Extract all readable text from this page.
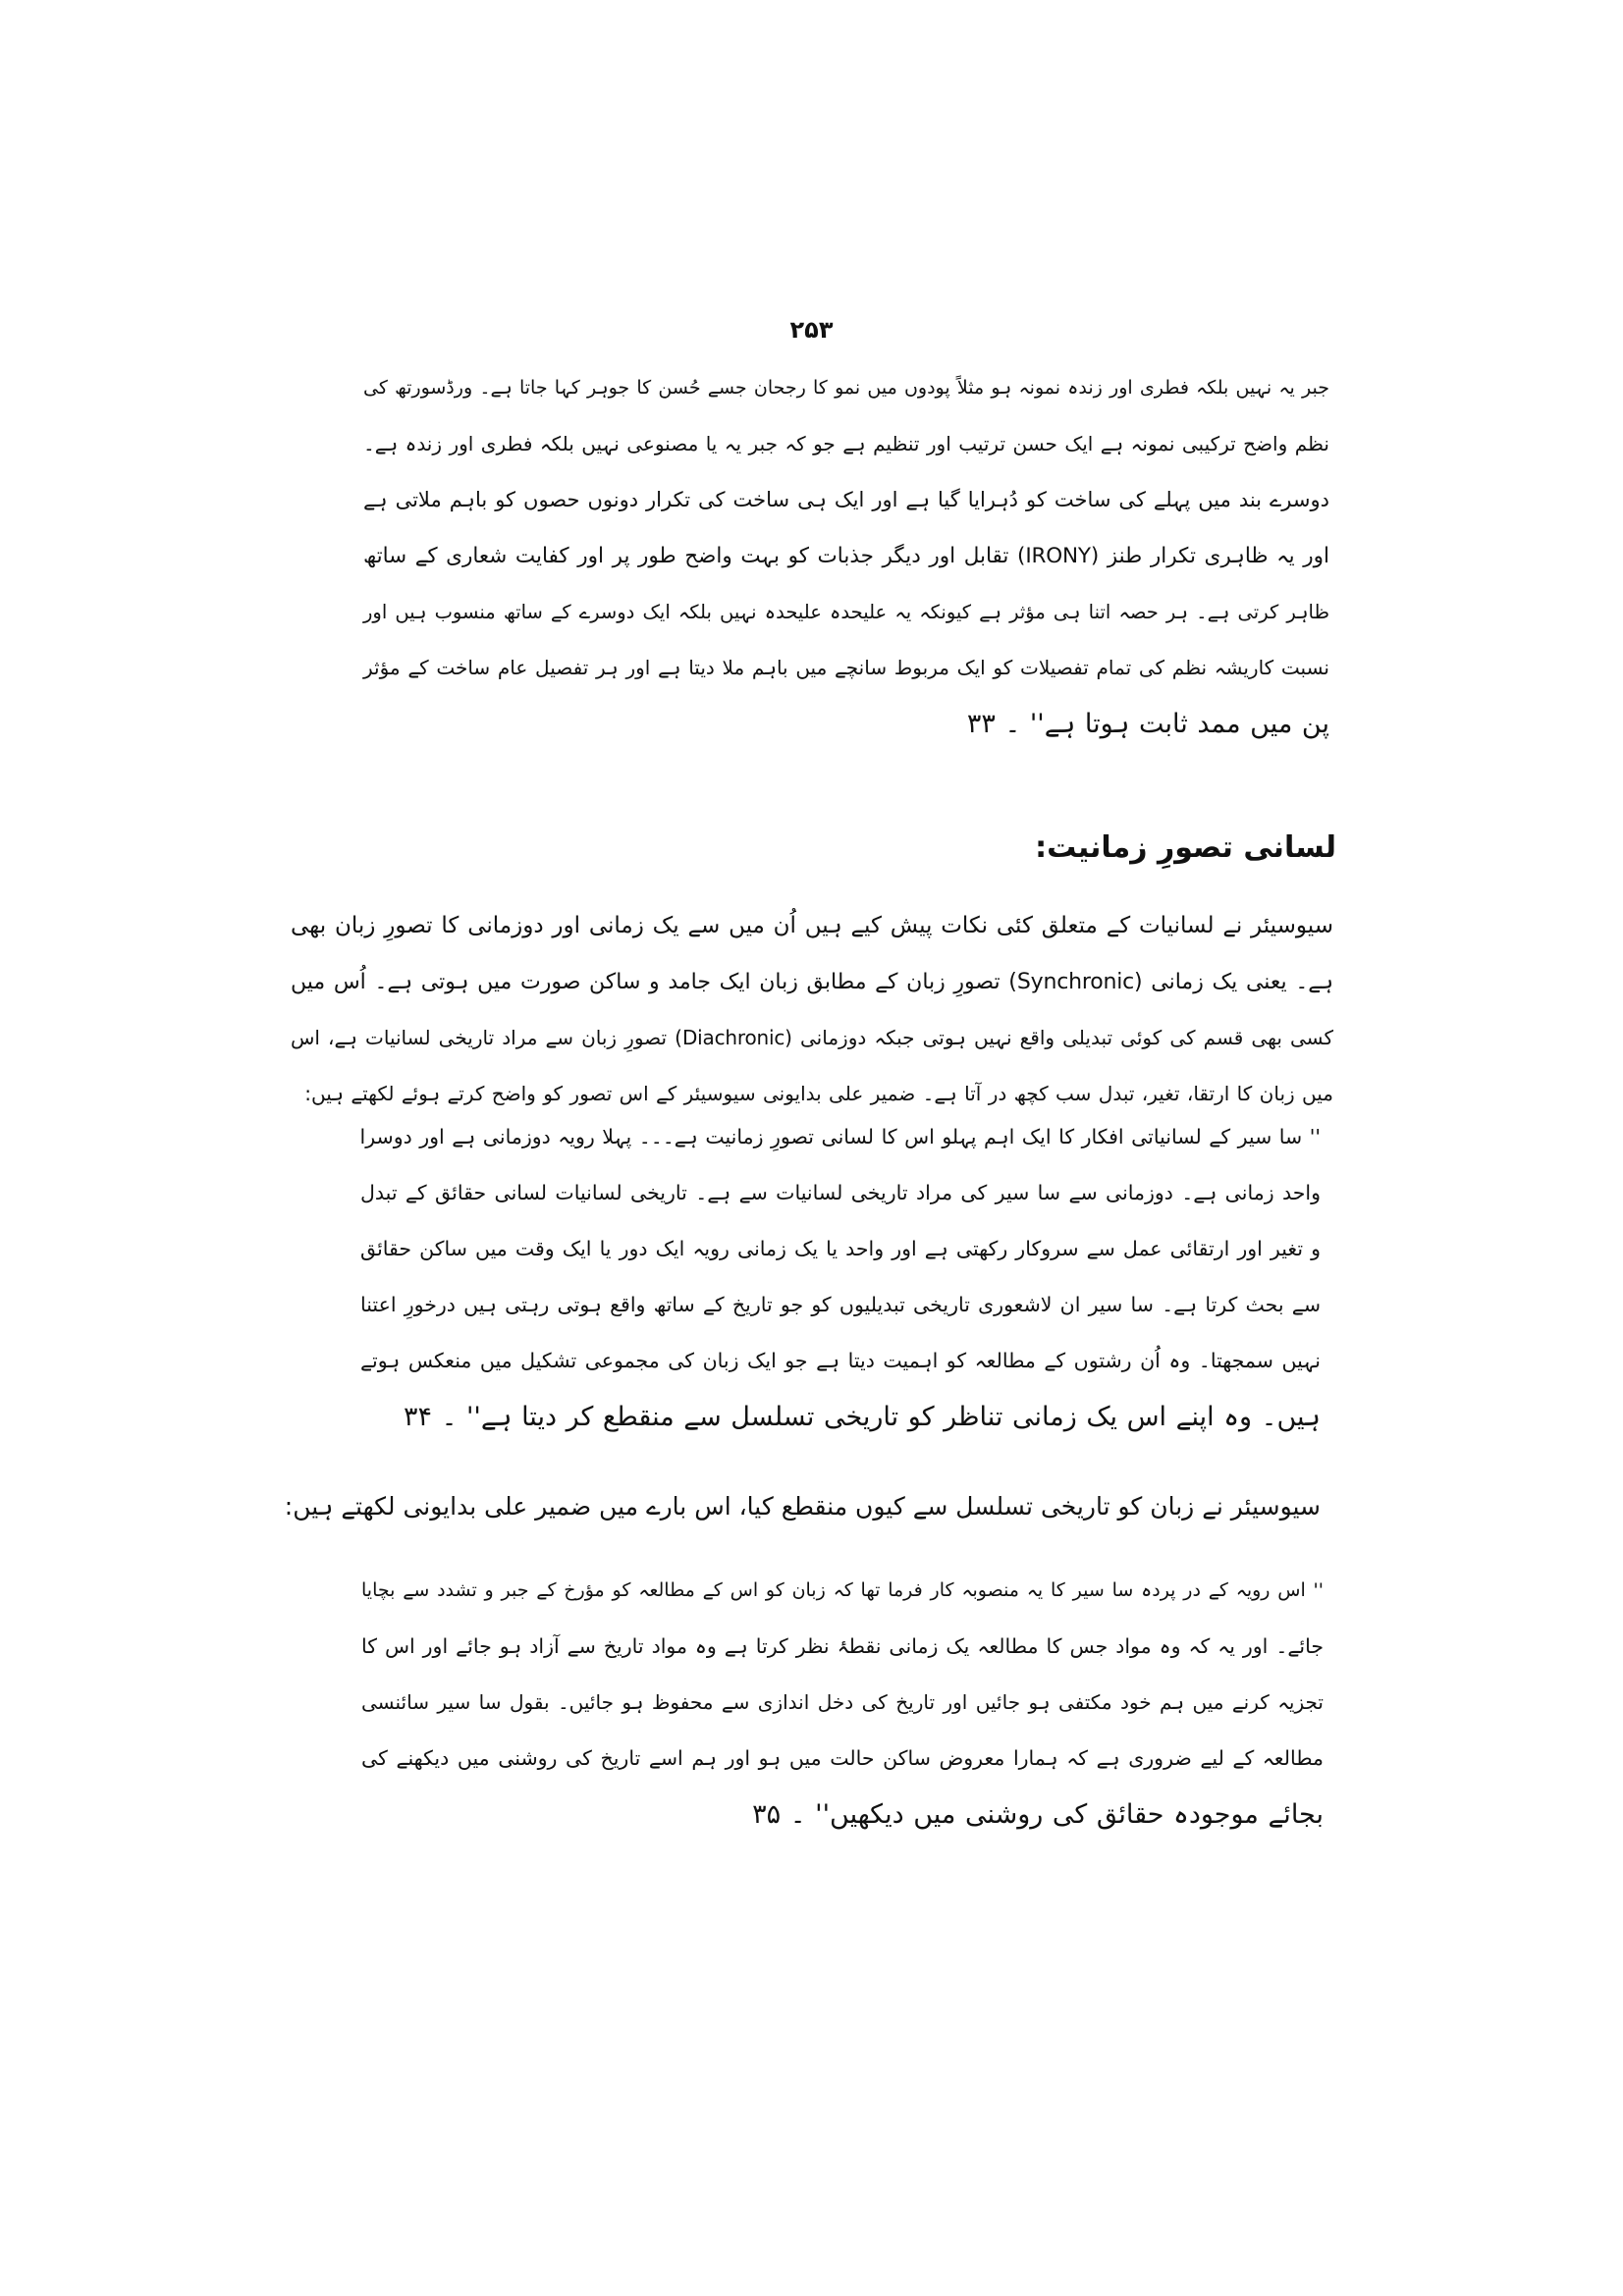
۲۵۳
جبر یہ نہیں بلکہ فطری اور زندہ نمونہ ہو مثلاً پودوں میں نمو کا رجحان جسے حُسن کا جوہر کہا جاتا ہے۔ ورڈسورتھ کی
نظم واضح ترکیبی نمونہ ہے ایک حسن ترتیب اور تنظیم ہے جو کہ جبر یہ یا مصنوعی نہیں بلکہ فطری اور زندہ ہے۔
دوسرے بند میں پہلے کی ساخت کو دُہرایا گیا ہے اور ایک ہی ساخت کی تکرار دونوں حصوں کو باہم ملاتی ہے
اور یہ ظاہری تکرار طنز (IRONY) تقابل اور دیگر جذبات کو بہت واضح طور پر اور کفایت شعاری کے ساتھ
ظاہر کرتی ہے۔ ہر حصہ اتنا ہی مؤثر ہے کیونکہ یہ علیحدہ علیحدہ نہیں بلکہ ایک دوسرے کے ساتھ منسوب ہیں اور
نسبت کاریشہ نظم کی تمام تفصیلات کو ایک مربوط سانچے میں باہم ملا دیتا ہے اور ہر تفصیل عام ساخت کے مؤثر
پن میں ممد ثابت ہوتا ہے'' ۔ ۳۳
لسانی تصورِ زمانیت:
سیوسیئر نے لسانیات کے متعلق کئی نکات پیش کیے ہیں اُن میں سے یک زمانی اور دوزمانی کا تصورِ زبان بھی
ہے۔ یعنی یک زمانی (Synchronic) تصورِ زبان کے مطابق زبان ایک جامد و ساکن صورت میں ہوتی ہے۔ اُس میں
کسی بھی قسم کی کوئی تبدیلی واقع نہیں ہوتی جبکہ دوزمانی (Diachronic) تصورِ زبان سے مراد تاریخی لسانیات ہے، اس
میں زبان کا ارتقا، تغیر، تبدل سب کچھ در آتا ہے۔ ضمیر علی بدایونی سیوسیئر کے اس تصور کو واضح کرتے ہوئے لکھتے ہیں:
'' سا سیر کے لسانیاتی افکار کا ایک اہم پہلو اس کا لسانی تصورِ زمانیت ہے۔۔۔ پہلا رویہ دوزمانی ہے اور دوسرا
واحد زمانی ہے۔ دوزمانی سے سا سیر کی مراد تاریخی لسانیات سے ہے۔ تاریخی لسانیات لسانی حقائق کے تبدل
و تغیر اور ارتقائی عمل سے سروکار رکھتی ہے اور واحد یا یک زمانی رویہ ایک دور یا ایک وقت میں ساکن حقائق
سے بحث کرتا ہے۔ سا سیر ان لاشعوری تاریخی تبدیلیوں کو جو تاریخ کے ساتھ واقع ہوتی رہتی ہیں درخورِ اعتنا
نہیں سمجھتا۔ وہ اُن رشتوں کے مطالعہ کو اہمیت دیتا ہے جو ایک زبان کی مجموعی تشکیل میں منعکس ہوتے
ہیں۔ وہ اپنے اس یک زمانی تناظر کو تاریخی تسلسل سے منقطع کر دیتا ہے'' ۔ ۳۴
سیوسیئر نے زبان کو تاریخی تسلسل سے کیوں منقطع کیا، اس بارے میں ضمیر علی بدایونی لکھتے ہیں:
'' اس رویہ کے در پردہ سا سیر کا یہ منصوبہ کار فرما تھا کہ زبان کو اس کے مطالعہ کو مؤرخ کے جبر و تشدد سے بچایا
جائے۔ اور یہ کہ وہ مواد جس کا مطالعہ یک زمانی نقطۂ نظر کرتا ہے وہ مواد تاریخ سے آزاد ہو جائے اور اس کا
تجزیہ کرنے میں ہم خود مکتفی ہو جائیں اور تاریخ کی دخل اندازی سے محفوظ ہو جائیں۔ بقول سا سیر سائنسی
مطالعہ کے لیے ضروری ہے کہ ہمارا معروض ساکن حالت میں ہو اور ہم اسے تاریخ کی روشنی میں دیکھنے کی
بجائے موجودہ حقائق کی روشنی میں دیکھیں'' ۔ ۳۵
